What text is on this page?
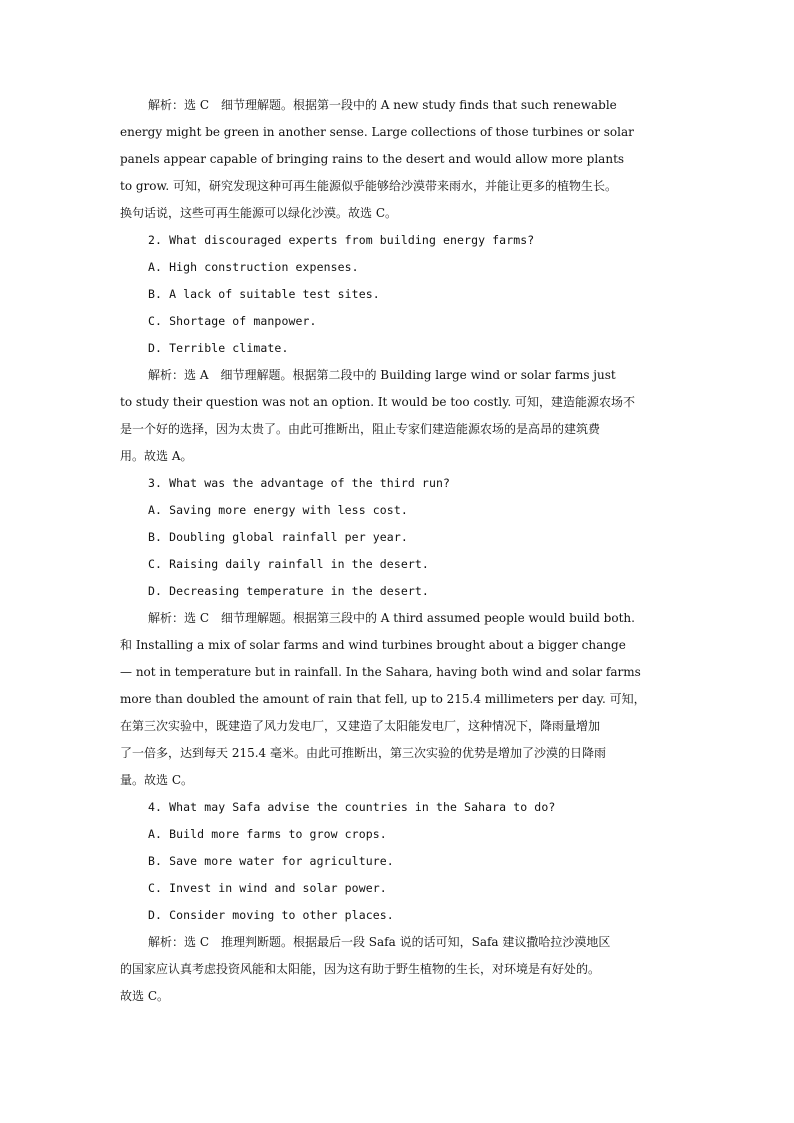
解析：选 C　细节理解题。根据第一段中的 A new study finds that such renewable
energy might be green in another sense. Large collections of those turbines or solar
panels appear capable of bringing rains to the desert and would allow more plants
to grow. 可知，研究发现这种可再生能源似乎能够给沙漠带来雨水，并能让更多的植物生长。
换句话说，这些可再生能源可以绿化沙漠。故选 C。
2. What discouraged experts from building energy farms?
A. High construction expenses.
B. A lack of suitable test sites.
C. Shortage of manpower.
D. Terrible climate.
解析：选 A　细节理解题。根据第二段中的 Building large wind or solar farms just
to study their question was not an option. It would be too costly. 可知，建造能源农场不
是一个好的选择，因为太贵了。由此可推断出，阻止专家们建造能源农场的是高昂的建筑费
用。故选 A。
3. What was the advantage of the third run?
A. Saving more energy with less cost.
B. Doubling global rainfall per year.
C. Raising daily rainfall in the desert.
D. Decreasing temperature in the desert.
解析：选 C　细节理解题。根据第三段中的 A third assumed people would build both.
和 Installing a mix of solar farms and wind turbines brought about a bigger change
— not in temperature but in rainfall. In the Sahara, having both wind and solar farms
more than doubled the amount of rain that fell, up to 215.4 millimeters per day. 可知，
在第三次实验中，既建造了风力发电厂，又建造了太阳能发电厂，这种情况下，降雨量增加
了一倍多，达到每天 215.4 毫米。由此可推断出，第三次实验的优势是增加了沙漠的日降雨
量。故选 C。
4. What may Safa advise the countries in the Sahara to do?
A. Build more farms to grow crops.
B. Save more water for agriculture.
C. Invest in wind and solar power.
D. Consider moving to other places.
解析：选 C　推理判断题。根据最后一段 Safa 说的话可知，Safa 建议撒哈拉沙漠地区
的国家应认真考虑投资风能和太阳能，因为这有助于野生植物的生长，对环境是有好处的。
故选 C。
